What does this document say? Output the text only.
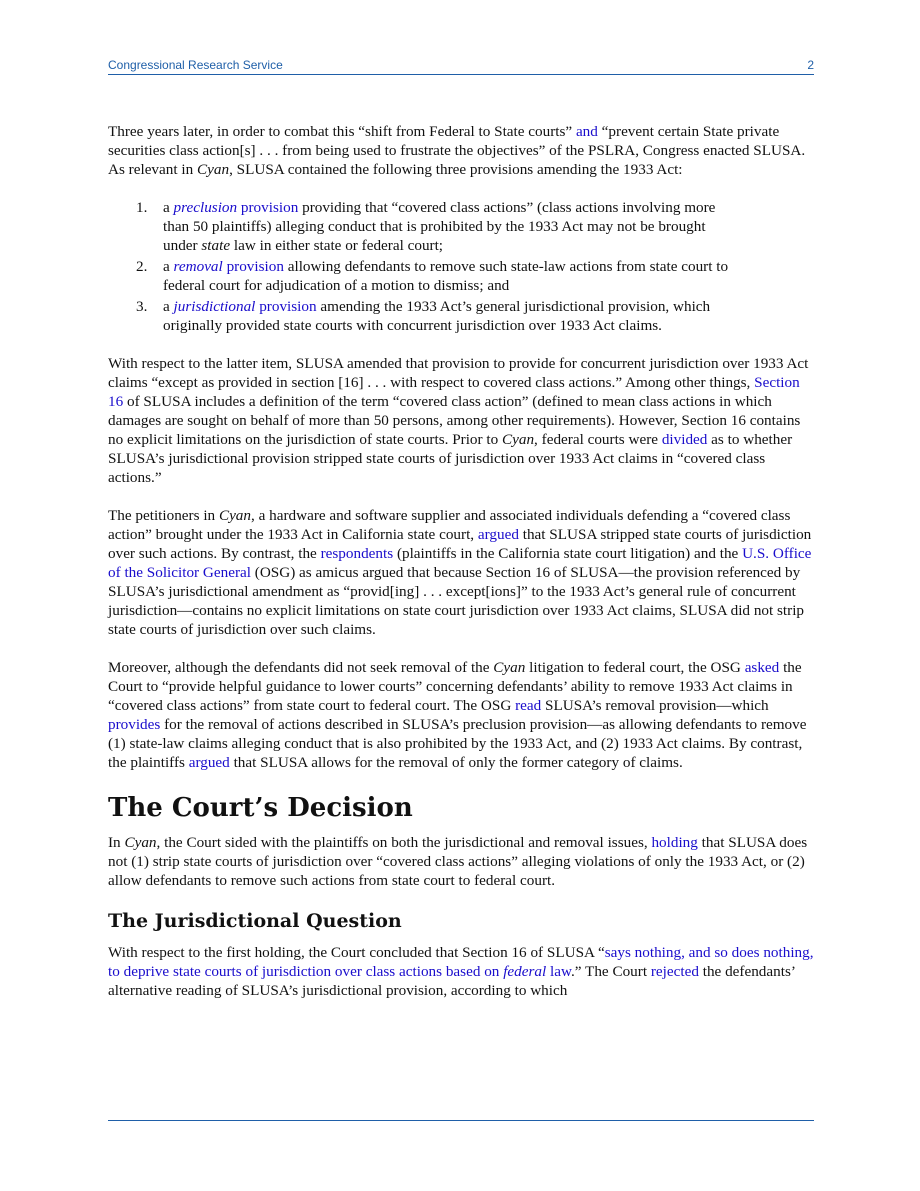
Congressional Research Service	2

Three years later, in order to combat this “shift from Federal to State courts” and “prevent certain State private securities class action[s] . . . from being used to frustrate the objectives” of the PSLRA, Congress enacted SLUSA. As relevant in Cyan, SLUSA contained the following three provisions amending the 1933 Act:

1. a preclusion provision providing that “covered class actions” (class actions involving more than 50 plaintiffs) alleging conduct that is prohibited by the 1933 Act may not be brought under state law in either state or federal court;
2. a removal provision allowing defendants to remove such state-law actions from state court to federal court for adjudication of a motion to dismiss; and
3. a jurisdictional provision amending the 1933 Act’s general jurisdictional provision, which originally provided state courts with concurrent jurisdiction over 1933 Act claims.

With respect to the latter item, SLUSA amended that provision to provide for concurrent jurisdiction over 1933 Act claims “except as provided in section [16] . . . with respect to covered class actions.” Among other things, Section 16 of SLUSA includes a definition of the term “covered class action” (defined to mean class actions in which damages are sought on behalf of more than 50 persons, among other requirements). However, Section 16 contains no explicit limitations on the jurisdiction of state courts. Prior to Cyan, federal courts were divided as to whether SLUSA’s jurisdictional provision stripped state courts of jurisdiction over 1933 Act claims in “covered class actions.”

The petitioners in Cyan, a hardware and software supplier and associated individuals defending a “covered class action” brought under the 1933 Act in California state court, argued that SLUSA stripped state courts of jurisdiction over such actions. By contrast, the respondents (plaintiffs in the California state court litigation) and the U.S. Office of the Solicitor General (OSG) as amicus argued that because Section 16 of SLUSA—the provision referenced by SLUSA’s jurisdictional amendment as “provid[ing] . . . except[ions]” to the 1933 Act’s general rule of concurrent jurisdiction—contains no explicit limitations on state court jurisdiction over 1933 Act claims, SLUSA did not strip state courts of jurisdiction over such claims.

Moreover, although the defendants did not seek removal of the Cyan litigation to federal court, the OSG asked the Court to “provide helpful guidance to lower courts” concerning defendants’ ability to remove 1933 Act claims in “covered class actions” from state court to federal court. The OSG read SLUSA’s removal provision—which provides for the removal of actions described in SLUSA’s preclusion provision—as allowing defendants to remove (1) state-law claims alleging conduct that is also prohibited by the 1933 Act, and (2) 1933 Act claims. By contrast, the plaintiffs argued that SLUSA allows for the removal of only the former category of claims.

The Court’s Decision

In Cyan, the Court sided with the plaintiffs on both the jurisdictional and removal issues, holding that SLUSA does not (1) strip state courts of jurisdiction over “covered class actions” alleging violations of only the 1933 Act, or (2) allow defendants to remove such actions from state court to federal court.

The Jurisdictional Question

With respect to the first holding, the Court concluded that Section 16 of SLUSA “says nothing, and so does nothing, to deprive state courts of jurisdiction over class actions based on federal law.” The Court rejected the defendants’ alternative reading of SLUSA’s jurisdictional provision, according to which
